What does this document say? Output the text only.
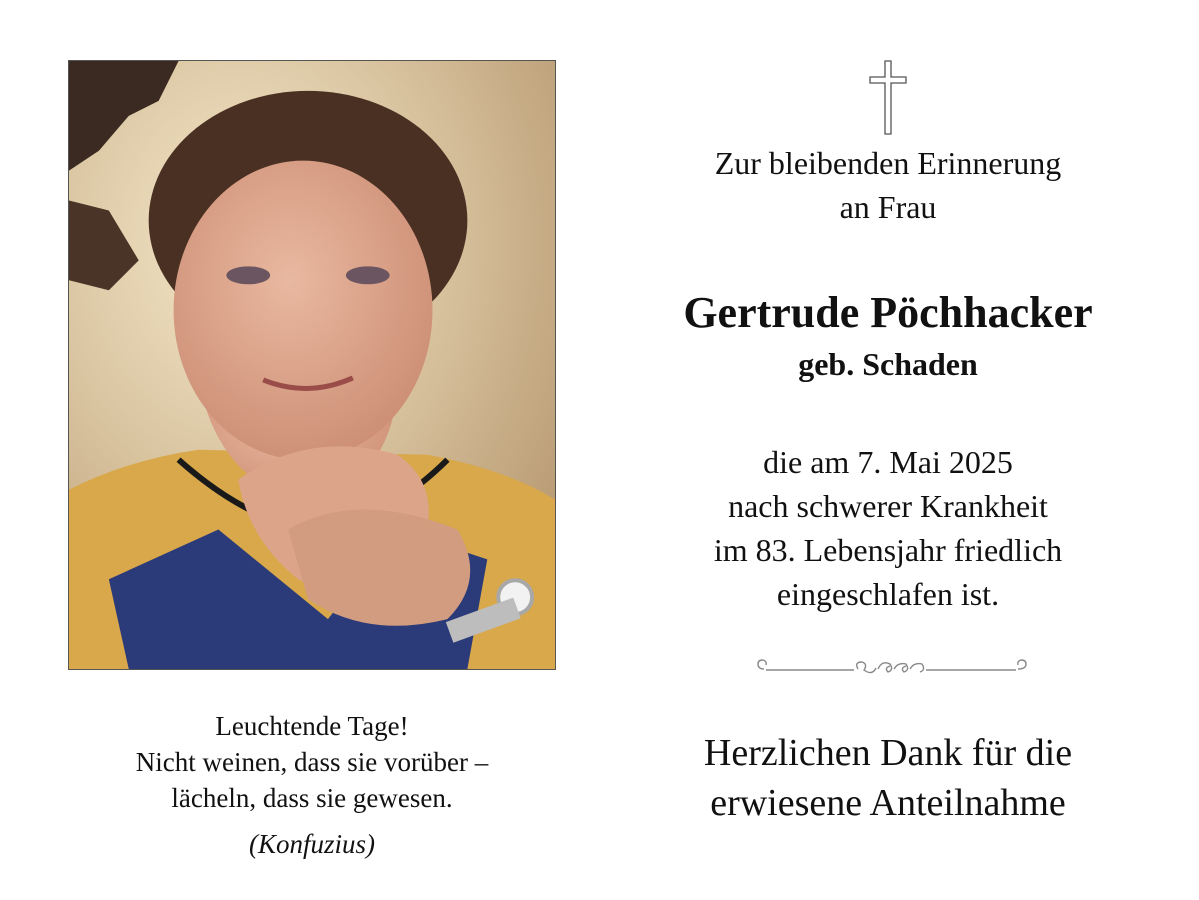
Leuchtende Tage!
Nicht weinen, dass sie vorüber –
lächeln, dass sie gewesen.
(Konfuzius)
Zur bleibenden Erinnerung
an Frau
Gertrude Pöchhacker
geb. Schaden
die am 7. Mai 2025
nach schwerer Krankheit
im 83. Lebensjahr friedlich
eingeschlafen ist.
Herzlichen Dank für die
erwiesene Anteilnahme
